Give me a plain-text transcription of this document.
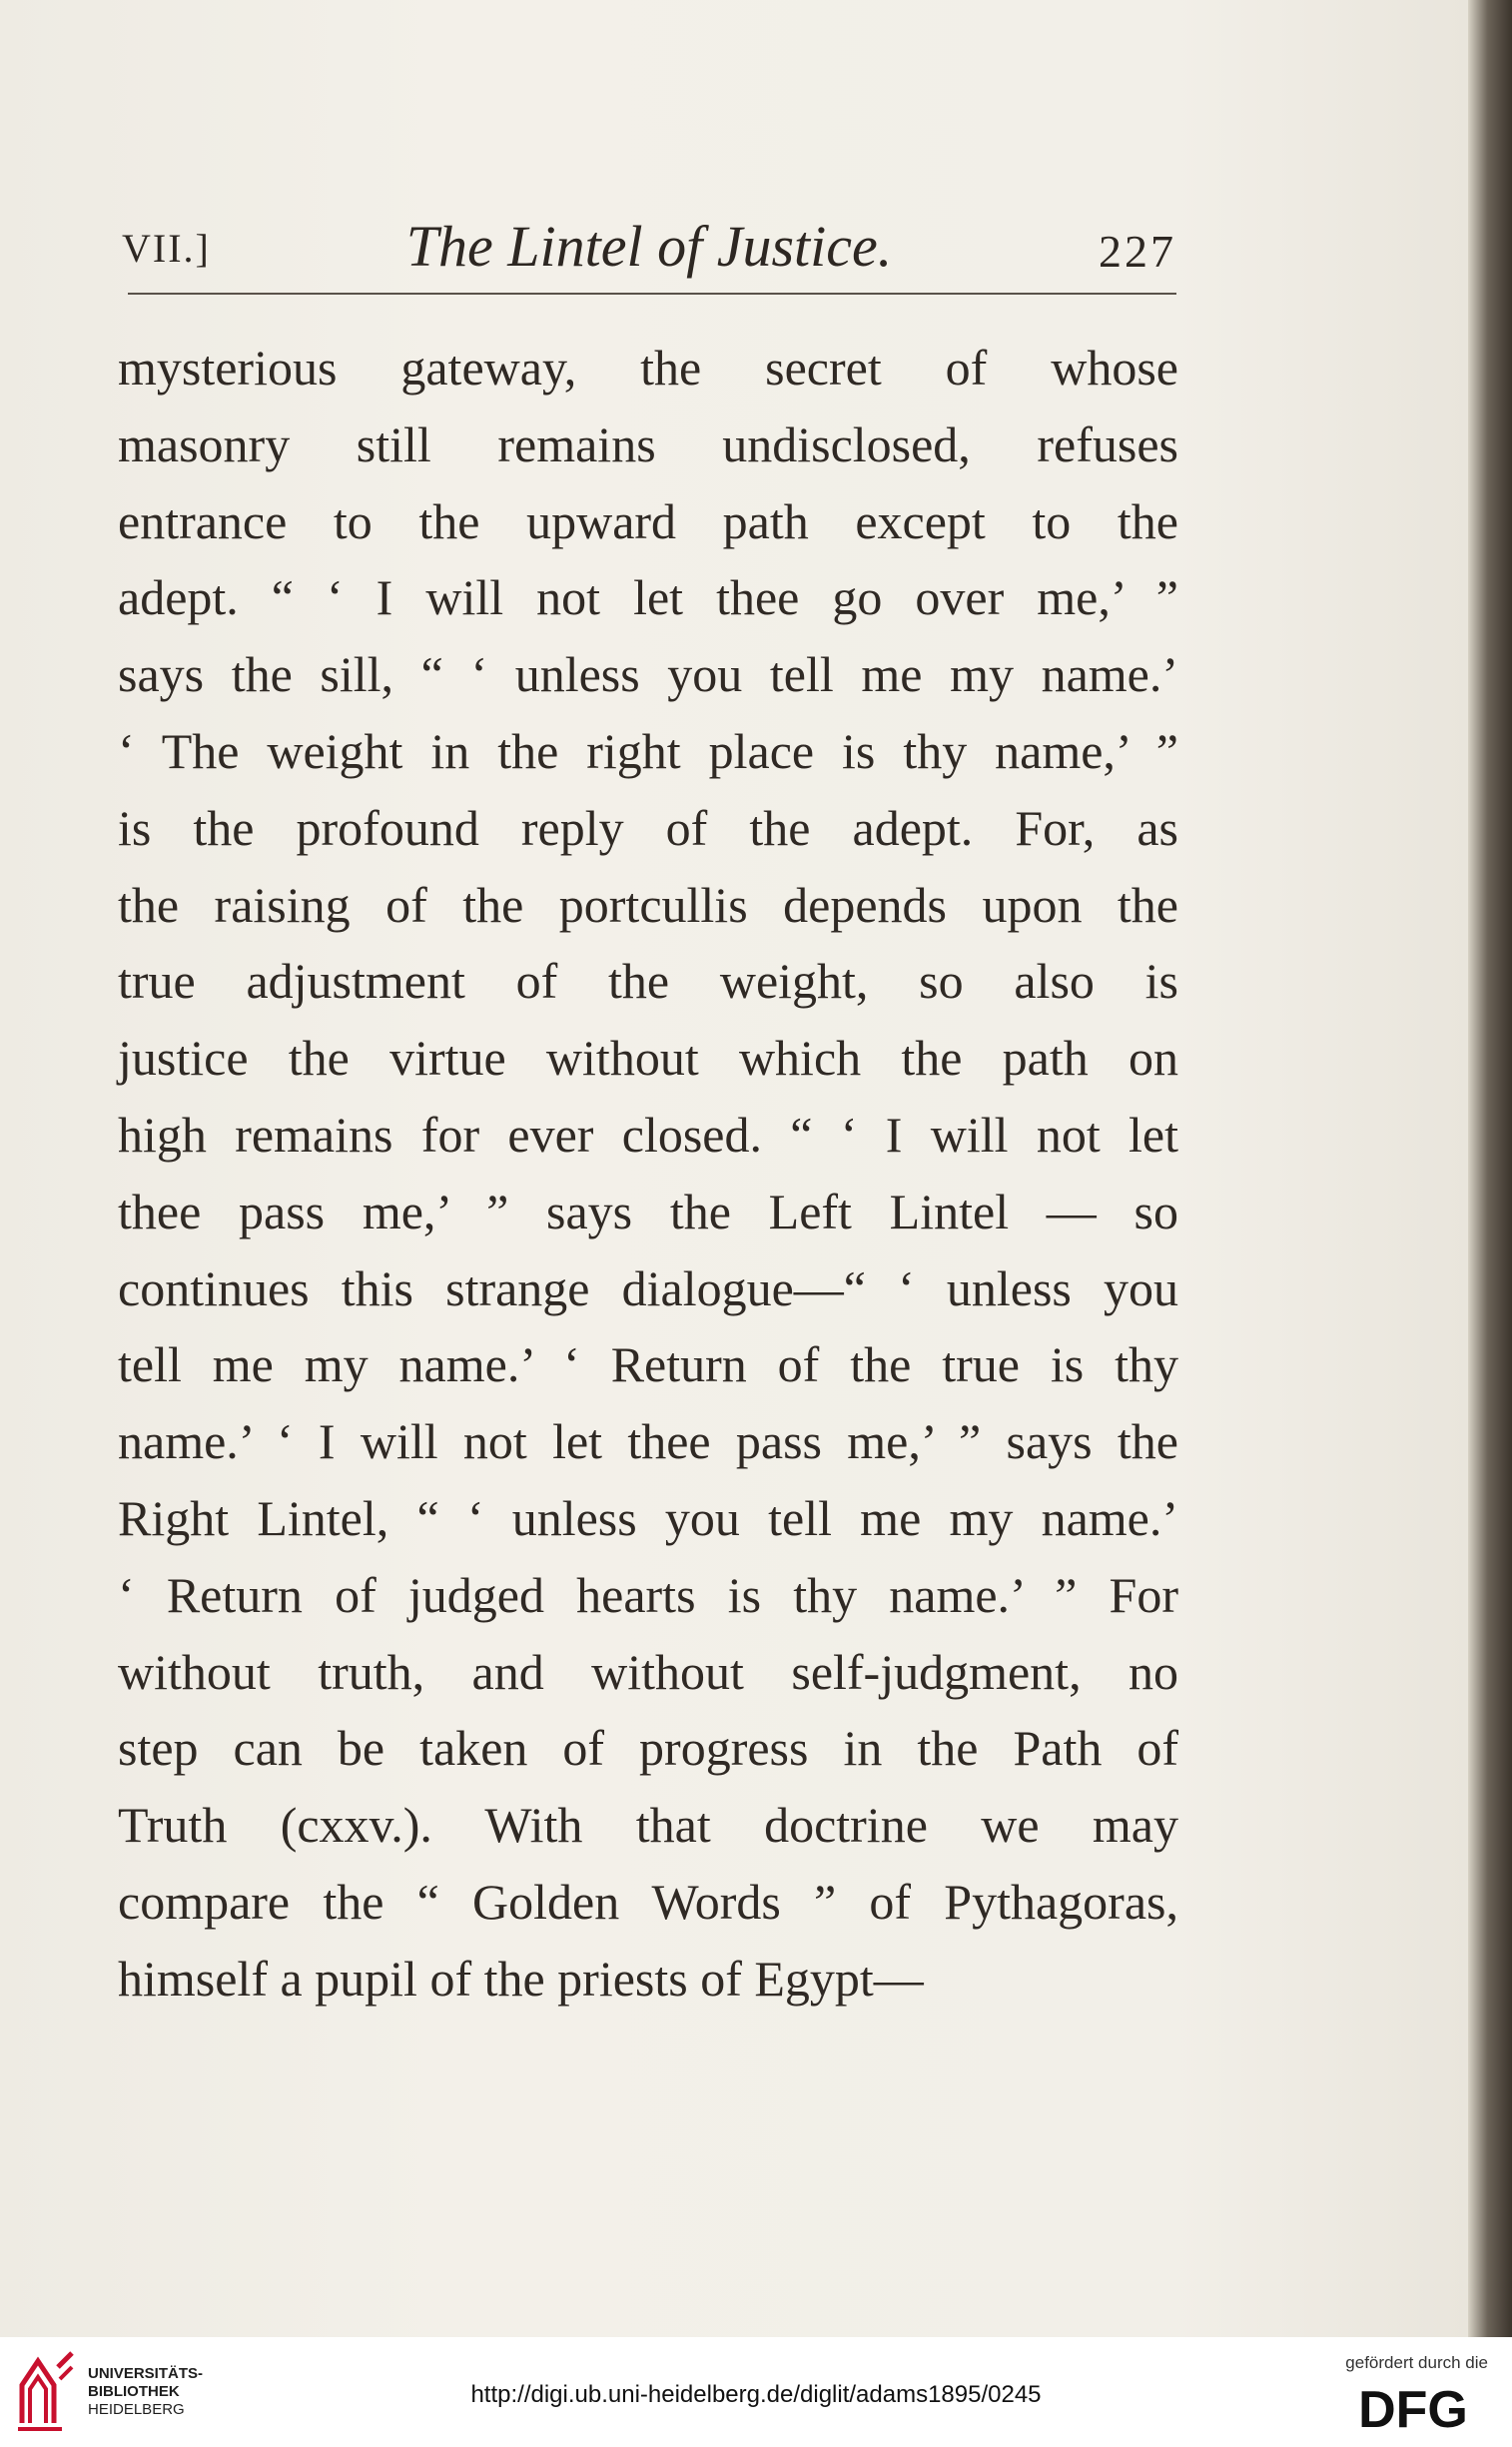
VII.]	The Lintel of Justice.	227
mysterious gateway, the secret of whose
masonry still remains undisclosed, refuses
entrance to the upward path except to the
adept. “ ‘ I will not let thee go over me,’ ”
says the sill, “ ‘ unless you tell me my name.’
‘ The weight in the right place is thy name,’ ”
is the profound reply of the adept. For, as
the raising of the portcullis depends upon the
true adjustment of the weight, so also is
justice the virtue without which the path on
high remains for ever closed. “ ‘ I will not let
thee pass me,’ ” says the Left Lintel — so
continues this strange dialogue—“ ‘ unless you
tell me my name.’ ‘ Return of the true is thy
name.’ ‘ I will not let thee pass me,’ ” says the
Right Lintel, “ ‘ unless you tell me my name.’
‘ Return of judged hearts is thy name.’ ” For
without truth, and without self-judgment, no
step can be taken of progress in the Path of
Truth (cxxv.). With that doctrine we may
compare the “ Golden Words ” of Pythagoras,
himself a pupil of the priests of Egypt—
UNIVERSITÄTS-
BIBLIOTHEK
HEIDELBERG
http://digi.ub.uni-heidelberg.de/diglit/adams1895/0245
gefördert durch die
DFG
